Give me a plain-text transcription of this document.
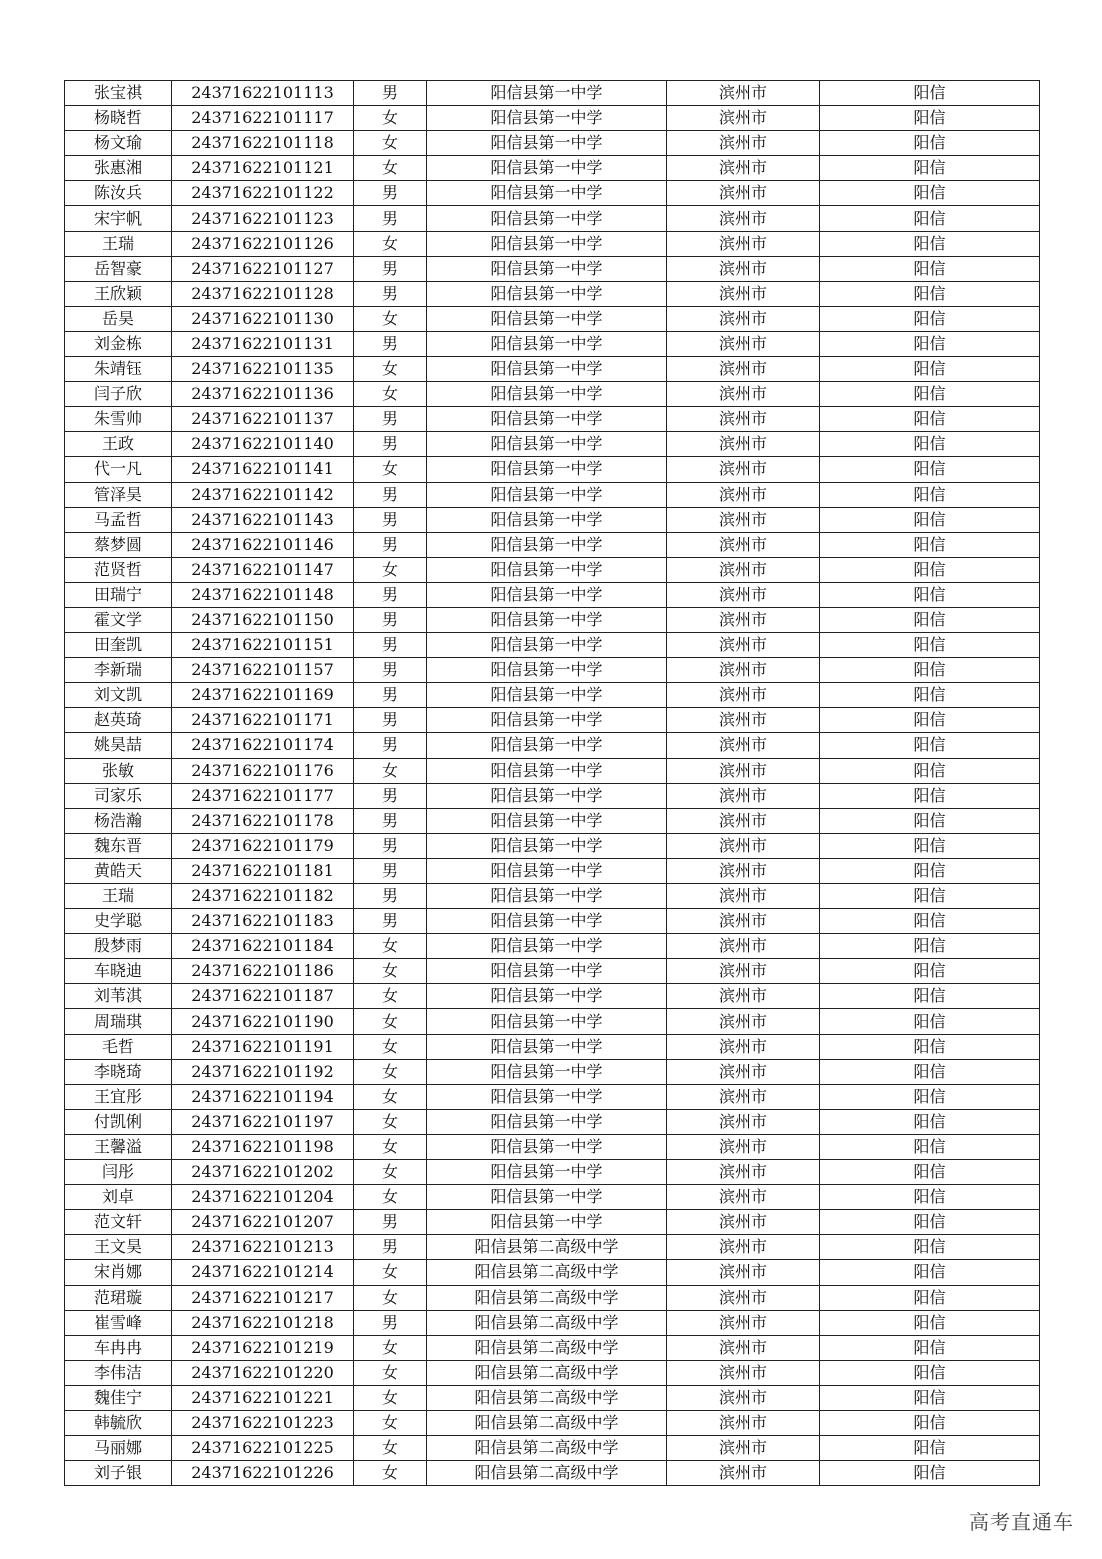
张宝祺	24371622101113	男	阳信县第一中学	滨州市	阳信
杨晓哲	24371622101117	女	阳信县第一中学	滨州市	阳信
杨文瑜	24371622101118	女	阳信县第一中学	滨州市	阳信
张惠湘	24371622101121	女	阳信县第一中学	滨州市	阳信
陈汝兵	24371622101122	男	阳信县第一中学	滨州市	阳信
宋宇帆	24371622101123	男	阳信县第一中学	滨州市	阳信
王瑞	24371622101126	女	阳信县第一中学	滨州市	阳信
岳智豪	24371622101127	男	阳信县第一中学	滨州市	阳信
王欣颖	24371622101128	男	阳信县第一中学	滨州市	阳信
岳昊	24371622101130	女	阳信县第一中学	滨州市	阳信
刘金栋	24371622101131	男	阳信县第一中学	滨州市	阳信
朱靖钰	24371622101135	女	阳信县第一中学	滨州市	阳信
闫子欣	24371622101136	女	阳信县第一中学	滨州市	阳信
朱雪帅	24371622101137	男	阳信县第一中学	滨州市	阳信
王政	24371622101140	男	阳信县第一中学	滨州市	阳信
代一凡	24371622101141	女	阳信县第一中学	滨州市	阳信
管泽昊	24371622101142	男	阳信县第一中学	滨州市	阳信
马孟哲	24371622101143	男	阳信县第一中学	滨州市	阳信
蔡梦圆	24371622101146	男	阳信县第一中学	滨州市	阳信
范贤哲	24371622101147	女	阳信县第一中学	滨州市	阳信
田瑞宁	24371622101148	男	阳信县第一中学	滨州市	阳信
霍文学	24371622101150	男	阳信县第一中学	滨州市	阳信
田奎凯	24371622101151	男	阳信县第一中学	滨州市	阳信
李新瑞	24371622101157	男	阳信县第一中学	滨州市	阳信
刘文凯	24371622101169	男	阳信县第一中学	滨州市	阳信
赵英琦	24371622101171	男	阳信县第一中学	滨州市	阳信
姚昊喆	24371622101174	男	阳信县第一中学	滨州市	阳信
张敏	24371622101176	女	阳信县第一中学	滨州市	阳信
司家乐	24371622101177	男	阳信县第一中学	滨州市	阳信
杨浩瀚	24371622101178	男	阳信县第一中学	滨州市	阳信
魏东晋	24371622101179	男	阳信县第一中学	滨州市	阳信
黄皓天	24371622101181	男	阳信县第一中学	滨州市	阳信
王瑞	24371622101182	男	阳信县第一中学	滨州市	阳信
史学聪	24371622101183	男	阳信县第一中学	滨州市	阳信
殷梦雨	24371622101184	女	阳信县第一中学	滨州市	阳信
车晓迪	24371622101186	女	阳信县第一中学	滨州市	阳信
刘苇淇	24371622101187	女	阳信县第一中学	滨州市	阳信
周瑞琪	24371622101190	女	阳信县第一中学	滨州市	阳信
毛哲	24371622101191	女	阳信县第一中学	滨州市	阳信
李晓琦	24371622101192	女	阳信县第一中学	滨州市	阳信
王宜彤	24371622101194	女	阳信县第一中学	滨州市	阳信
付凯俐	24371622101197	女	阳信县第一中学	滨州市	阳信
王馨溢	24371622101198	女	阳信县第一中学	滨州市	阳信
闫彤	24371622101202	女	阳信县第一中学	滨州市	阳信
刘卓	24371622101204	女	阳信县第一中学	滨州市	阳信
范文轩	24371622101207	男	阳信县第一中学	滨州市	阳信
王文昊	24371622101213	男	阳信县第二高级中学	滨州市	阳信
宋肖娜	24371622101214	女	阳信县第二高级中学	滨州市	阳信
范珺璇	24371622101217	女	阳信县第二高级中学	滨州市	阳信
崔雪峰	24371622101218	男	阳信县第二高级中学	滨州市	阳信
车冉冉	24371622101219	女	阳信县第二高级中学	滨州市	阳信
李伟洁	24371622101220	女	阳信县第二高级中学	滨州市	阳信
魏佳宁	24371622101221	女	阳信县第二高级中学	滨州市	阳信
韩毓欣	24371622101223	女	阳信县第二高级中学	滨州市	阳信
马丽娜	24371622101225	女	阳信县第二高级中学	滨州市	阳信
刘子银	24371622101226	女	阳信县第二高级中学	滨州市	阳信
高考直通车
